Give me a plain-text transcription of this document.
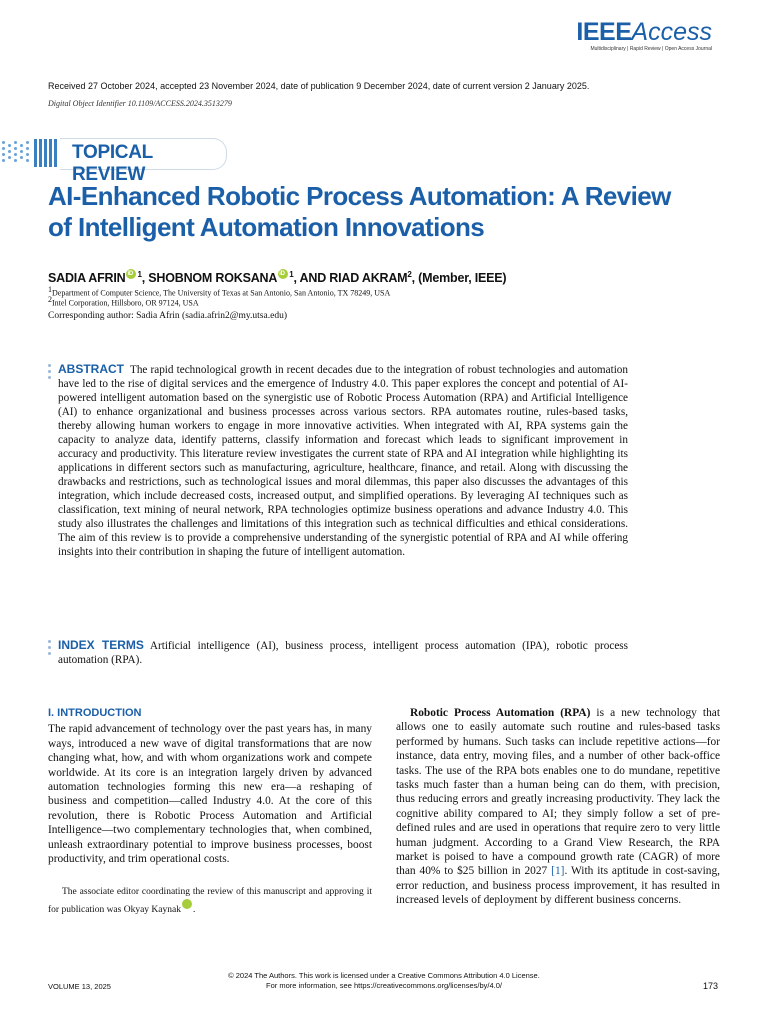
IEEEAccess
Multidisciplinary | Rapid Review | Open Access Journal
Received 27 October 2024, accepted 23 November 2024, date of publication 9 December 2024, date of current version 2 January 2025.
Digital Object Identifier 10.1109/ACCESS.2024.3513279
TOPICAL REVIEW
AI-Enhanced Robotic Process Automation: A Review of Intelligent Automation Innovations
SADIA AFRIN iD $^1$, SHOBNOM ROKSANA iD $^1$, AND RIAD AKRAM$^2$, (Member, IEEE)
$^1$Department of Computer Science, The University of Texas at San Antonio, San Antonio, TX 78249, USA
$^2$Intel Corporation, Hillsboro, OR 97124, USA
Corresponding author: Sadia Afrin (sadia.afrin2@my.utsa.edu)
ABSTRACT The rapid technological growth in recent decades due to the integration of robust technologies and automation have led to the rise of digital services and the emergence of Industry 4.0. This paper explores the concept and potential of AI-powered intelligent automation based on the synergistic use of Robotic Process Automation (RPA) and Artificial Intelligence (AI) to enhance organizational and business processes across various sectors. RPA automates routine, rules-based tasks, thereby allowing human workers to engage in more innovative activities. When integrated with AI, RPA systems gain the capacity to analyze data, identify patterns, classify information and forecast which leads to significant improvement in accuracy and productivity. This literature review investigates the current state of RPA and AI integration while highlighting its applications in different sectors such as manufacturing, agriculture, healthcare, finance, and retail. Along with discussing the drawbacks and restrictions, such as technological issues and moral dilemmas, this paper also discusses the advantages of this integration, which include decreased costs, increased output, and simplified operations. By leveraging AI techniques such as classification, text mining of neural network, RPA technologies optimize business operations and advance Industry 4.0. This study also illustrates the challenges and limitations of this integration such as technical difficulties and ethical considerations. The aim of this review is to provide a comprehensive understanding of the synergistic potential of RPA and AI while offering insights into their contribution in shaping the future of intelligent automation.
INDEX TERMS Artificial intelligence (AI), business process, intelligent process automation (IPA), robotic process automation (RPA).
I. INTRODUCTION
The rapid advancement of technology over the past years has, in many ways, introduced a new wave of digital transformations that are now changing what, how, and with whom organizations work and compete worldwide. At its core is an integration largely driven by advanced automation technologies forming this new era—a reshaping of business and competition—called Industry 4.0. At the core of this revolution, there is Robotic Process Automation and Artificial Intelligence—two complementary technologies that, when combined, unleash extraordinary potential to improve business processes, boost productivity, and trim operational costs.
The associate editor coordinating the review of this manuscript and approving it for publication was Okyay KaynakiD .
Robotic Process Automation (RPA) is a new technology that allows one to easily automate such routine and rules-based tasks performed by humans. Such tasks can include repetitive actions—for instance, data entry, moving files, and a number of other back-office tasks. The use of the RPA bots enables one to do mundane, repetitive tasks much faster than a human being can do them, with precision, thus reducing errors and greatly increasing productivity. They lack the cognitive ability compared to AI; they simply follow a set of pre-defined rules and are used in operations that require zero to very little human judgment. According to a Grand View Research, the RPA market is poised to have a compound growth rate (CAGR) of more than 40% to $25 billion in 2027 [1]. With its aptitude in cost-saving, error reduction, and business process improvement, it has resulted in increased levels of deployment by different business concerns.
© 2024 The Authors. This work is licensed under a Creative Commons Attribution 4.0 License.
For more information, see https://creativecommons.org/licenses/by/4.0/
VOLUME 13, 2025	173
